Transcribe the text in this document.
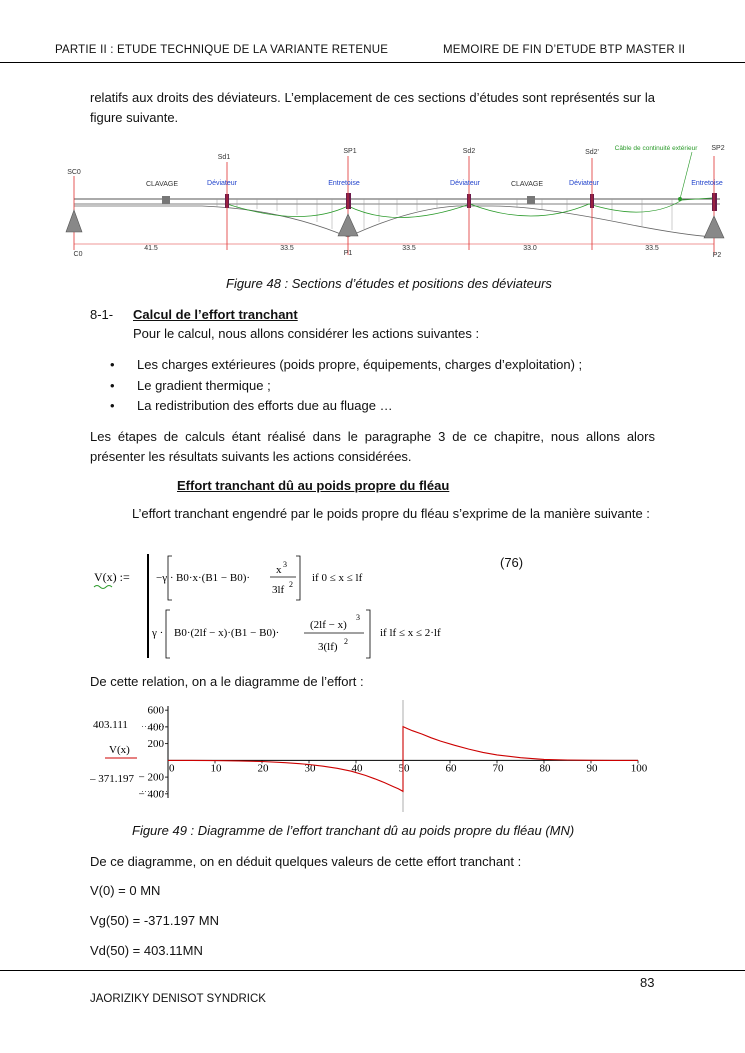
PARTIE II : ETUDE TECHNIQUE DE LA VARIANTE RETENUE	MEMOIRE DE FIN D’ETUDE BTP MASTER II
relatifs aux droits des déviateurs. L’emplacement de ces sections d’études sont représentés sur la figure suivante.
SC0
Sd1
SP1	Sd2	Sd2'
SP2
CLAVAGE	CLAVAGE
Déviateur	Entretoise	Déviateur	Déviateur	Entretoise
Câble de continuité extérieur
41.5	33.5	33.5	33.0	33.5
C0	P1	P2
Figure 48 : Sections d’études et positions des déviateurs
8-1- Calcul de l’effort tranchant
Pour le calcul, nous allons considérer les actions suivantes :
• Les charges extérieures (poids propre, équipements, charges d’exploitation) ;
• Le gradient thermique ;
• La redistribution des efforts due au fluage …
Les étapes de calculs étant réalisé dans le paragraphe 3 de ce chapitre, nous allons alors présenter les résultats suivants les actions considérées.
Effort tranchant dû au poids propre du fléau
L’effort tranchant engendré par le poids propre du fléau s’exprime de la manière suivante :
V(x) := −γ · B0·x·(B1 − B0)·
x 3
3lf 2
if 0 ≤ x ≤ lf
γ · B0·(2lf − x)·(B1 − B0)·
(2lf − x)
3
3(lf) 2
if lf ≤ x ≤ 2·lf
(76)
De cette relation, on a le diagramme de l’effort :
0	10	20	30	40	50	60	70	80	90	100
− 400
− 200
200
400
600
403.111
V(x)
– 371.197
Figure 49 : Diagramme de l’effort tranchant dû au poids propre du fléau (MN)
De ce diagramme, on en déduit quelques valeurs de cette effort tranchant :
V(0) = 0 MN
Vg(50) = -371.197 MN
Vd(50) = 403.11MN
83
JAORIZIKY DENISOT SYNDRICK
